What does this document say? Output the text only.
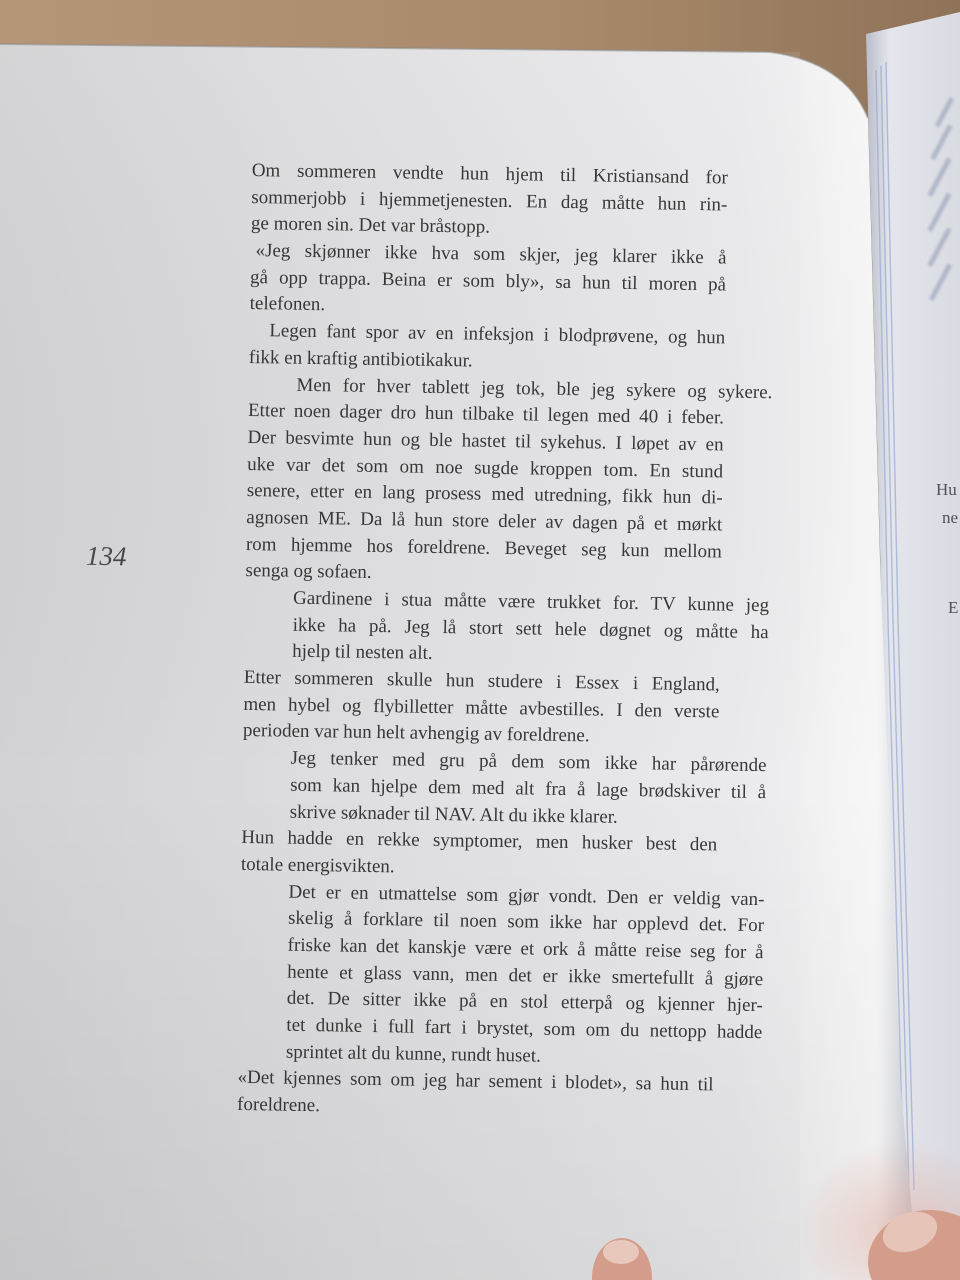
134
Hu
ne
E
Om sommeren vendte hun hjem til Kristiansand for
sommerjobb i hjemmetjenesten. En dag måtte hun rin-
ge moren sin. Det var bråstopp.
«Jeg skjønner ikke hva som skjer, jeg klarer ikke å
gå opp trappa. Beina er som bly», sa hun til moren på
telefonen.
Legen fant spor av en infeksjon i blodprøvene, og hun
fikk en kraftig antibiotikakur.
Men for hver tablett jeg tok, ble jeg sykere og sykere.
Etter noen dager dro hun tilbake til legen med 40 i feber.
Der besvimte hun og ble hastet til sykehus. I løpet av en
uke var det som om noe sugde kroppen tom. En stund
senere, etter en lang prosess med utredning, fikk hun di-
agnosen ME. Da lå hun store deler av dagen på et mørkt
rom hjemme hos foreldrene. Beveget seg kun mellom
senga og sofaen.
Gardinene i stua måtte være trukket for. TV kunne jeg
ikke ha på. Jeg lå stort sett hele døgnet og måtte ha
hjelp til nesten alt.
Etter sommeren skulle hun studere i Essex i England,
men hybel og flybilletter måtte avbestilles. I den verste
perioden var hun helt avhengig av foreldrene.
Jeg tenker med gru på dem som ikke har pårørende
som kan hjelpe dem med alt fra å lage brødskiver til å
skrive søknader til NAV. Alt du ikke klarer.
Hun hadde en rekke symptomer, men husker best den
totale energisvikten.
Det er en utmattelse som gjør vondt. Den er veldig van-
skelig å forklare til noen som ikke har opplevd det. For
friske kan det kanskje være et ork å måtte reise seg for å
hente et glass vann, men det er ikke smertefullt å gjøre
det. De sitter ikke på en stol etterpå og kjenner hjer-
tet dunke i full fart i brystet, som om du nettopp hadde
sprintet alt du kunne, rundt huset.
«Det kjennes som om jeg har sement i blodet», sa hun til
foreldrene.
